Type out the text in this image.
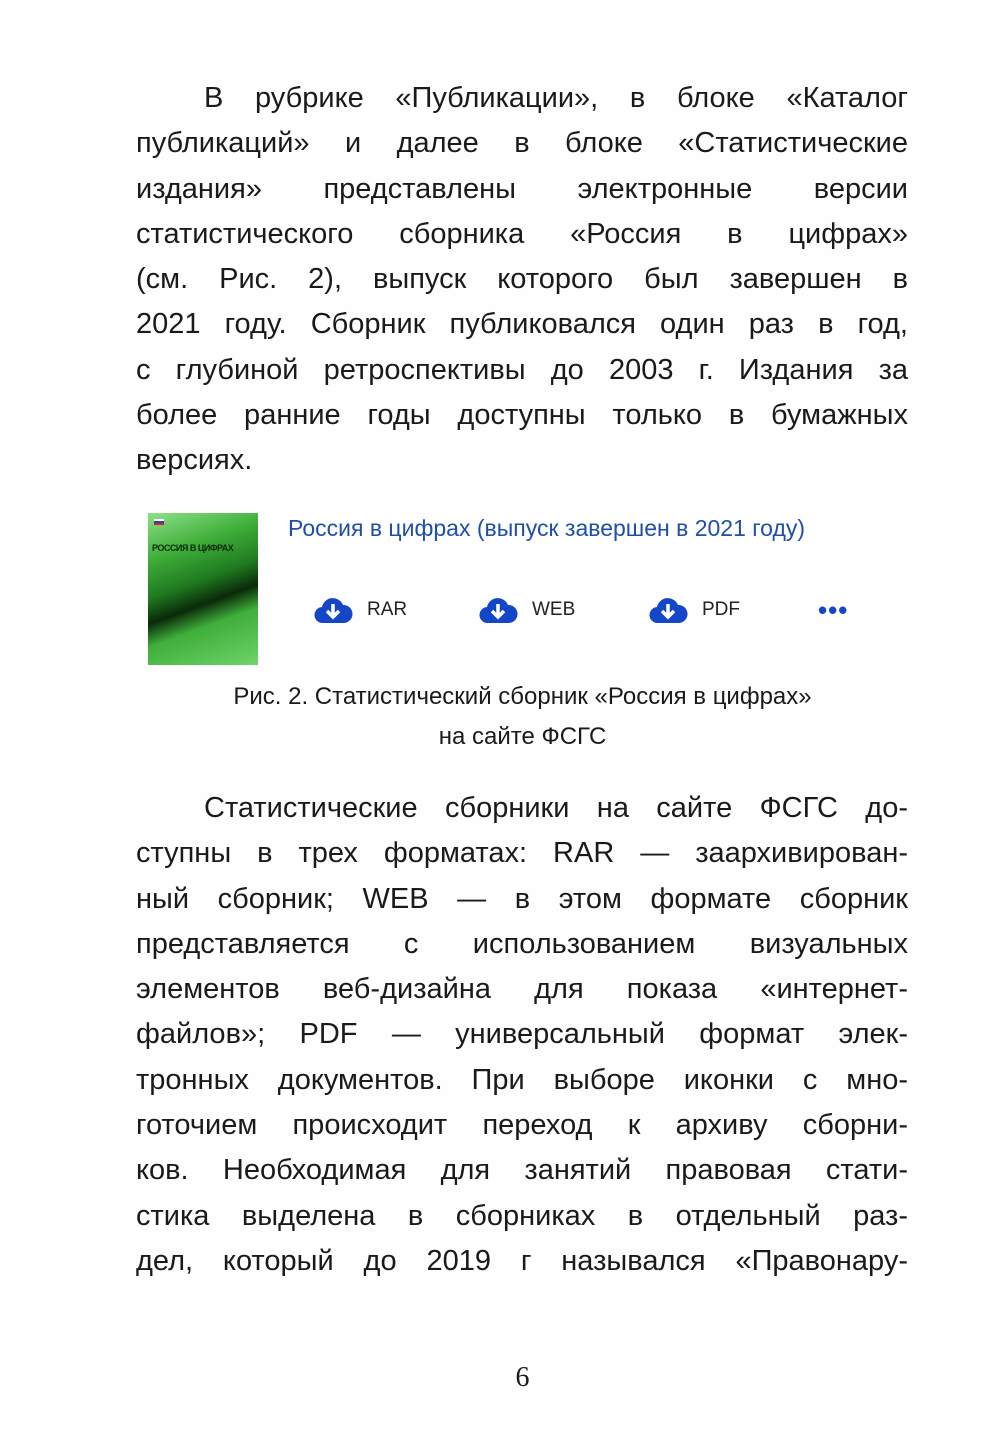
В рубрике «Публикации», в блоке «Каталог
публикаций» и далее в блоке «Статистические
издания» представлены электронные версии
статистического сборника «Россия в цифрах»
(см. Рис. 2), выпуск которого был завершен в
2021 году. Сборник публиковался один раз в год,
с глубиной ретроспективы до 2003 г. Издания за
более ранние годы доступны только в бумажных
версиях.
РОССИЯ В ЦИФРАХ
Россия в цифрах (выпуск завершен в 2021 году)
RAR	WEB	PDF	•••
Рис. 2. Статистический сборник «Россия в цифрах»
на сайте ФСГС
Статистические сборники на сайте ФСГС до-
ступны в трех форматах: RAR — заархивирован-
ный сборник; WEB — в этом формате сборник
представляется с использованием визуальных
элементов веб-дизайна для показа «интернет-
файлов»; PDF — универсальный формат элек-
тронных документов. При выборе иконки с мно-
готочием происходит переход к архиву сборни-
ков. Необходимая для занятий правовая стати-
стика выделена в сборниках в отдельный раз-
дел, который до 2019 г назывался «Правонару-
6
